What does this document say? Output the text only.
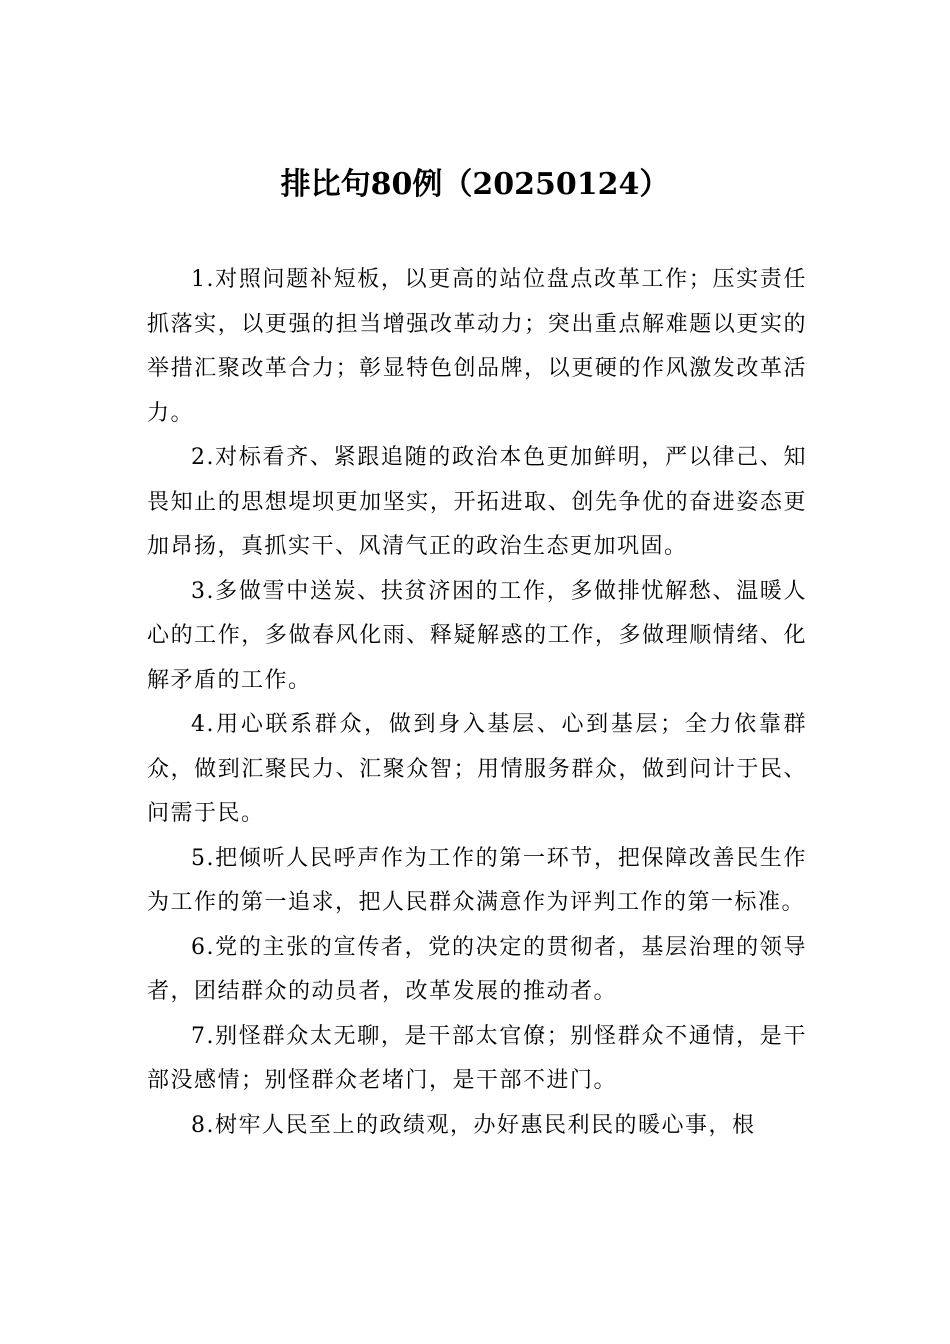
排比句80例（20250124）

1.对照问题补短板，以更高的站位盘点改革工作；压实责任抓落实，以更强的担当增强改革动力；突出重点解难题以更实的举措汇聚改革合力；彰显特色创品牌，以更硬的作风激发改革活力。

2.对标看齐、紧跟追随的政治本色更加鲜明，严以律己、知畏知止的思想堤坝更加坚实，开拓进取、创先争优的奋进姿态更加昂扬，真抓实干、风清气正的政治生态更加巩固。

3.多做雪中送炭、扶贫济困的工作，多做排忧解愁、温暖人心的工作，多做春风化雨、释疑解惑的工作，多做理顺情绪、化解矛盾的工作。

4.用心联系群众，做到身入基层、心到基层；全力依靠群众，做到汇聚民力、汇聚众智；用情服务群众，做到问计于民、问需于民。

5.把倾听人民呼声作为工作的第一环节，把保障改善民生作为工作的第一追求，把人民群众满意作为评判工作的第一标准。

6.党的主张的宣传者，党的决定的贯彻者，基层治理的领导者，团结群众的动员者，改革发展的推动者。

7.别怪群众太无聊，是干部太官僚；别怪群众不通情，是干部没感情；别怪群众老堵门，是干部不进门。

8.树牢人民至上的政绩观，办好惠民利民的暖心事，根
